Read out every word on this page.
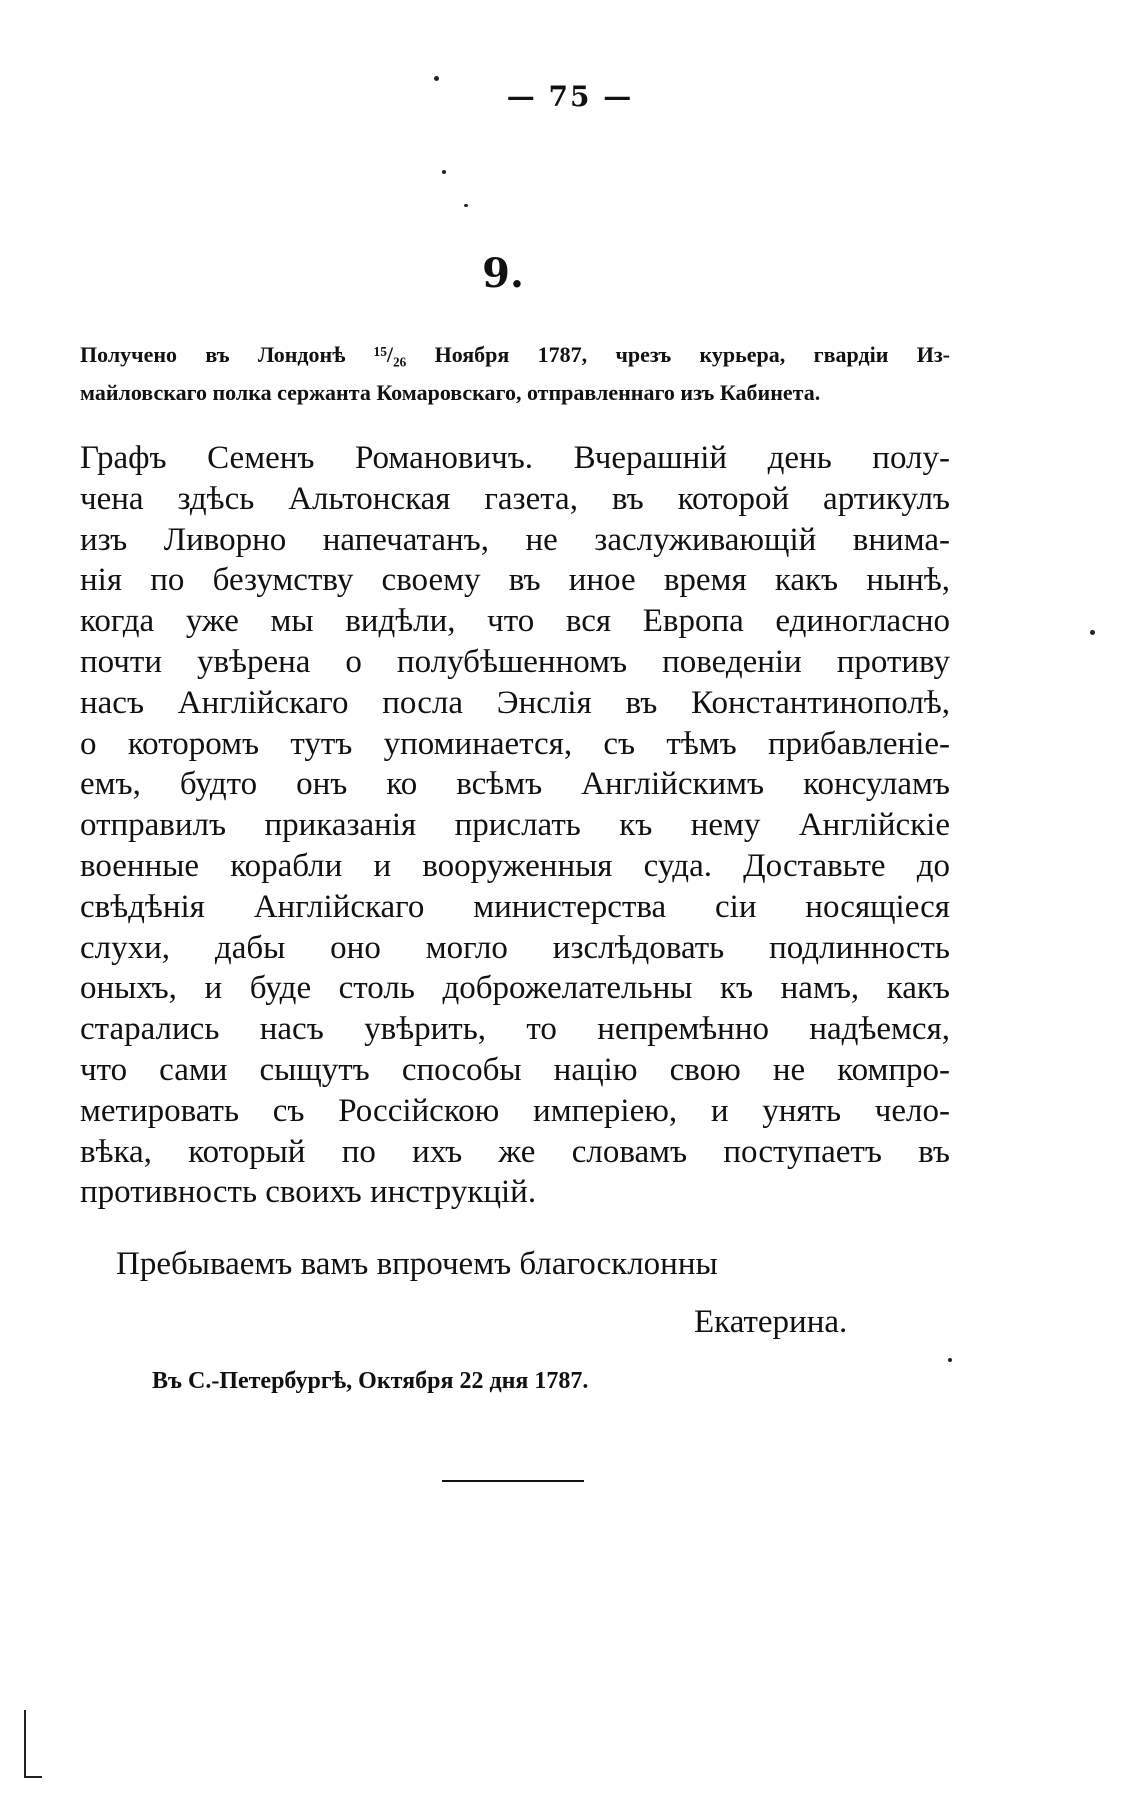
— 75 —
9.
Получено въ Лондонѣ ¹⁵/₂₆ Ноября 1787, чрезъ курьера, гвардіи Из-
майловскаго полка сержанта Комаровскаго, отправленнаго изъ Кабинета.
Графъ Семенъ Романовичъ. Вчерашній день полу-
чена здѣсь Альтонская газета, въ которой артикулъ
изъ Ливорно напечатанъ, не заслуживающій внима-
нія по безумству своему въ иное время какъ нынѣ,
когда уже мы видѣли, что вся Европа единогласно
почти увѣрена о полубѣшенномъ поведеніи противу
насъ Англійскаго посла Энслія въ Константинополѣ,
о которомъ тутъ упоминается, съ тѣмъ прибавленіе-
емъ, будто онъ ко всѣмъ Англійскимъ консуламъ
отправилъ приказанія прислать къ нему Англійскіе
военные корабли и вооруженныя суда. Доставьте до
свѣдѣнія Англійскаго министерства сіи носящіеся
слухи, дабы оно могло изслѣдовать подлинность
оныхъ, и буде столь доброжелательны къ намъ, какъ
старались насъ увѣрить, то непремѣнно надѣемся,
что сами сыщутъ способы націю свою не компро-
метировать съ Россійскою имперіею, и унять чело-
вѣка, который по ихъ же словамъ поступаетъ въ
противность своихъ инструкцій.
Пребываемъ вамъ впрочемъ благосклонны
Екатерина.
Въ С.-Петербургѣ, Октября 22 дня 1787.
